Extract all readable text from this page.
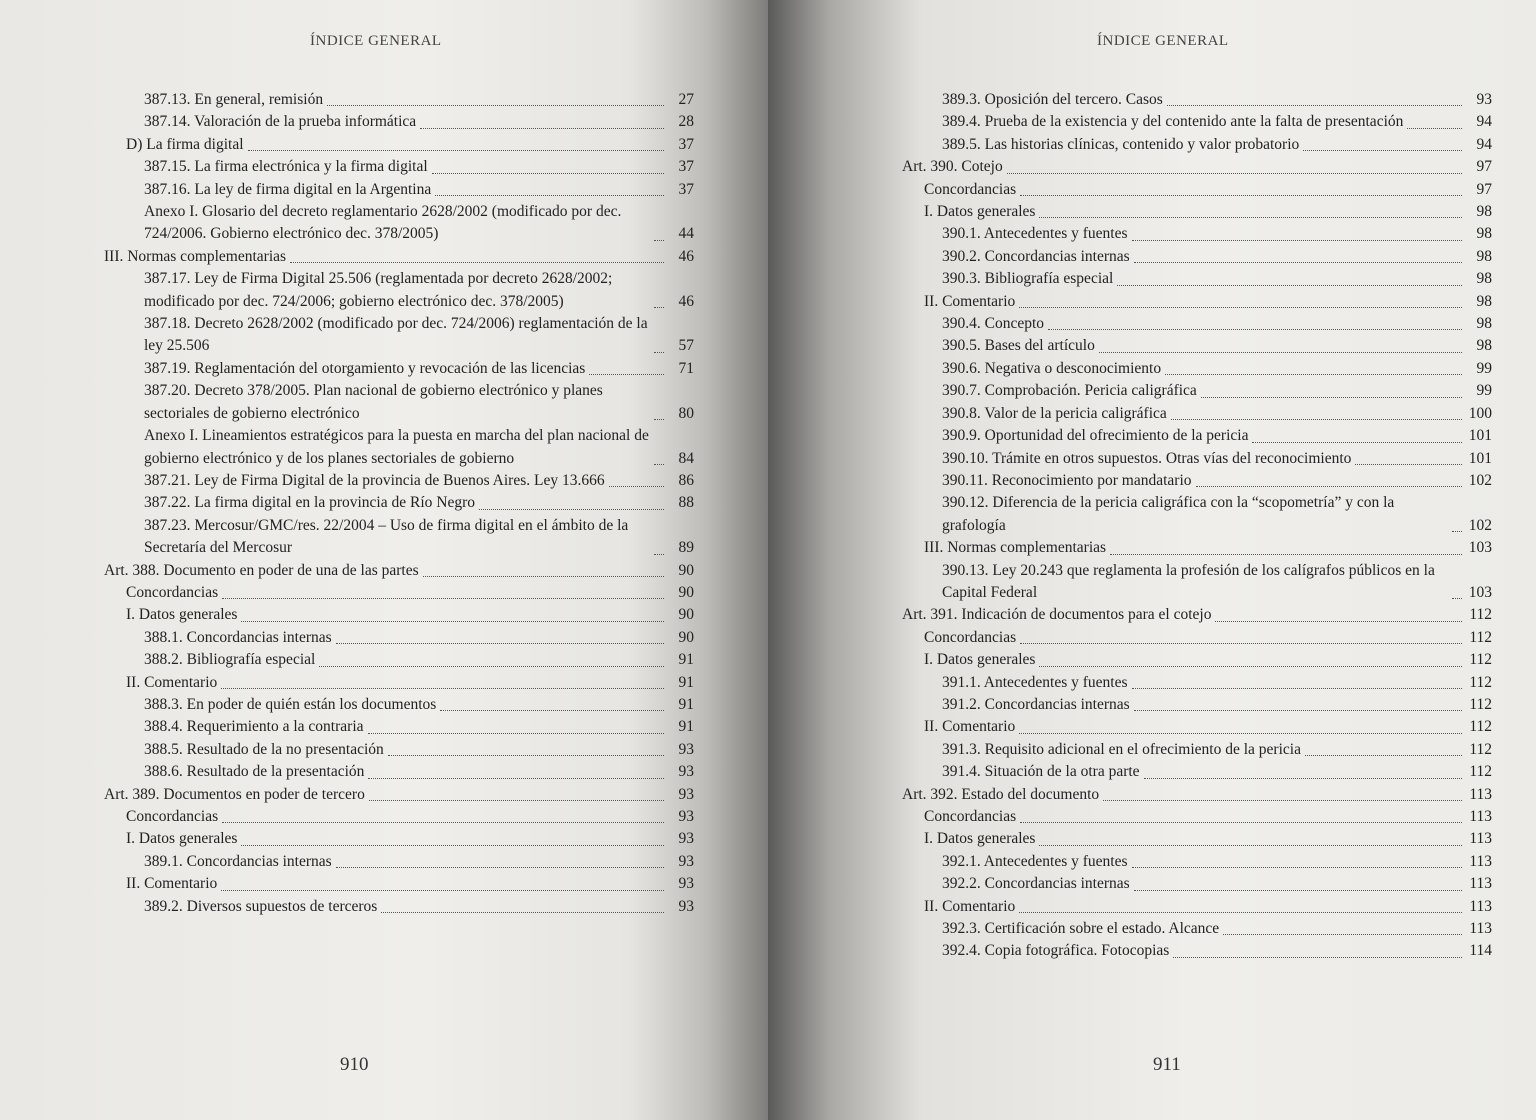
ÍNDICE GENERAL
387.13. En general, remisión	27
387.14. Valoración de la prueba informática	28
D) La firma digital	37
387.15. La firma electrónica y la firma digital	37
387.16. La ley de firma digital en la Argentina	37
Anexo I. Glosario del decreto reglamentario 2628/2002 (modificado por dec. 724/2006. Gobierno electrónico dec. 378/2005)	44
III. Normas complementarias	46
387.17. Ley de Firma Digital 25.506 (reglamentada por decreto 2628/2002; modificado por dec. 724/2006; gobierno electrónico dec. 378/2005)	46
387.18. Decreto 2628/2002 (modificado por dec. 724/2006) reglamentación de la ley 25.506	57
387.19. Reglamentación del otorgamiento y revocación de las licencias	71
387.20. Decreto 378/2005. Plan nacional de gobierno electrónico y planes sectoriales de gobierno electrónico	80
Anexo I. Lineamientos estratégicos para la puesta en marcha del plan nacional de gobierno electrónico y de los planes sectoriales de gobierno	84
387.21. Ley de Firma Digital de la provincia de Buenos Aires. Ley 13.666	86
387.22. La firma digital en la provincia de Río Negro	88
387.23. Mercosur/GMC/res. 22/2004 – Uso de firma digital en el ámbito de la Secretaría del Mercosur	89
Art. 388. Documento en poder de una de las partes	90
Concordancias	90
I. Datos generales	90
388.1. Concordancias internas	90
388.2. Bibliografía especial	91
II. Comentario	91
388.3. En poder de quién están los documentos	91
388.4. Requerimiento a la contraria	91
388.5. Resultado de la no presentación	93
388.6. Resultado de la presentación	93
Art. 389. Documentos en poder de tercero	93
Concordancias	93
I. Datos generales	93
389.1. Concordancias internas	93
II. Comentario	93
389.2. Diversos supuestos de terceros	93
910
ÍNDICE GENERAL
389.3. Oposición del tercero. Casos	93
389.4. Prueba de la existencia y del contenido ante la falta de presentación	94
389.5. Las historias clínicas, contenido y valor probatorio	94
Art. 390. Cotejo	97
Concordancias	97
I. Datos generales	98
390.1. Antecedentes y fuentes	98
390.2. Concordancias internas	98
390.3. Bibliografía especial	98
II. Comentario	98
390.4. Concepto	98
390.5. Bases del artículo	98
390.6. Negativa o desconocimiento	99
390.7. Comprobación. Pericia caligráfica	99
390.8. Valor de la pericia caligráfica	100
390.9. Oportunidad del ofrecimiento de la pericia	101
390.10. Trámite en otros supuestos. Otras vías del reconocimiento	101
390.11. Reconocimiento por mandatario	102
390.12. Diferencia de la pericia caligráfica con la “scopometría” y con la grafología	102
III. Normas complementarias	103
390.13. Ley 20.243 que reglamenta la profesión de los calígrafos públicos en la Capital Federal	103
Art. 391. Indicación de documentos para el cotejo	112
Concordancias	112
I. Datos generales	112
391.1. Antecedentes y fuentes	112
391.2. Concordancias internas	112
II. Comentario	112
391.3. Requisito adicional en el ofrecimiento de la pericia	112
391.4. Situación de la otra parte	112
Art. 392. Estado del documento	113
Concordancias	113
I. Datos generales	113
392.1. Antecedentes y fuentes	113
392.2. Concordancias internas	113
II. Comentario	113
392.3. Certificación sobre el estado. Alcance	113
392.4. Copia fotográfica. Fotocopias	114
911
